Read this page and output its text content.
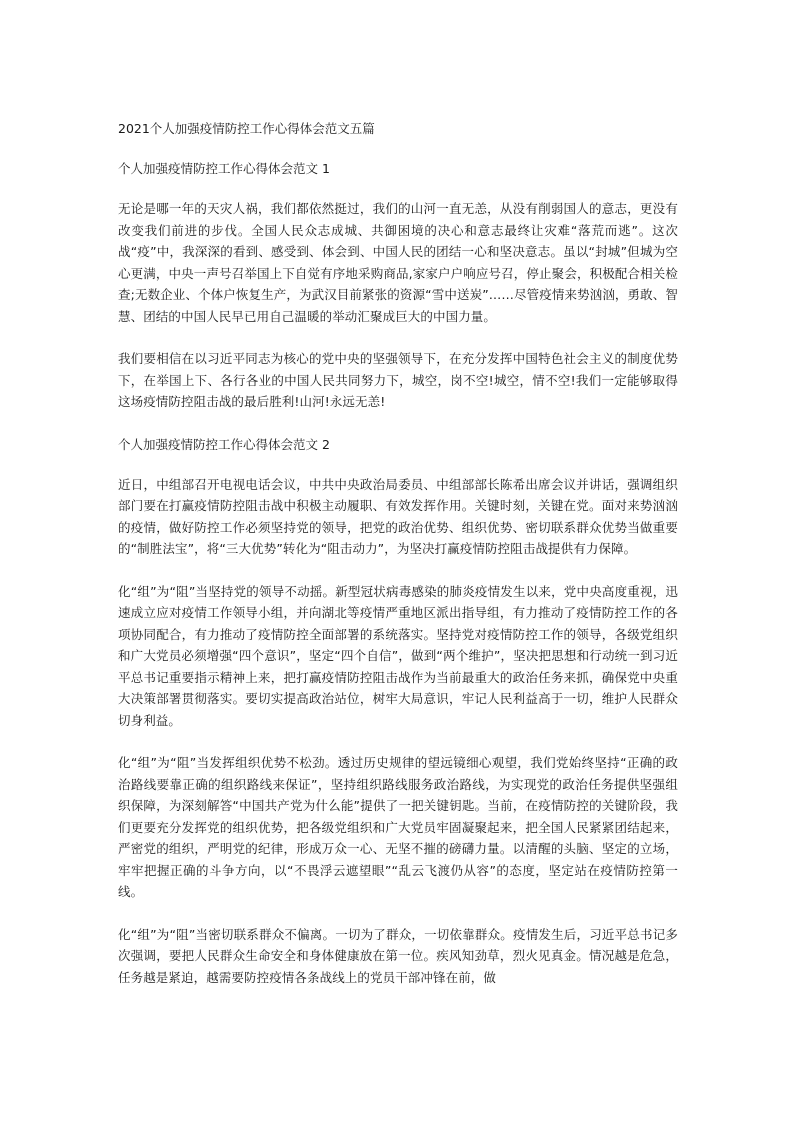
2021个人加强疫情防控工作心得体会范文五篇
个人加强疫情防控工作心得体会范文 1

无论是哪一年的天灾人祸，我们都依然挺过，我们的山河一直无恙，从没有削弱国人的意志，更没有改变我们前进的步伐。全国人民众志成城、共御困境的决心和意志最终让灾难“落荒而逃”。这次战“疫”中，我深深的看到、感受到、体会到、中国人民的团结一心和坚决意志。虽以“封城”但城为空心更满，中央一声号召举国上下自觉有序地采购商品,家家户户响应号召，停止聚会，积极配合相关检查;无数企业、个体户恢复生产，为武汉目前紧张的资源“雪中送炭”……尽管疫情来势汹汹，勇敢、智慧、团结的中国人民早已用自己温暖的举动汇聚成巨大的中国力量。

我们要相信在以习近平同志为核心的党中央的坚强领导下，在充分发挥中国特色社会主义的制度优势下，在举国上下、各行各业的中国人民共同努力下，城空，岗不空!城空，情不空!我们一定能够取得这场疫情防控阻击战的最后胜利!山河!永远无恙!

个人加强疫情防控工作心得体会范文 2

近日，中组部召开电视电话会议，中共中央政治局委员、中组部部长陈希出席会议并讲话，强调组织部门要在打赢疫情防控阻击战中积极主动履职、有效发挥作用。关键时刻，关键在党。面对来势汹汹的疫情，做好防控工作必须坚持党的领导，把党的政治优势、组织优势、密切联系群众优势当做重要的“制胜法宝”，将“三大优势”转化为“阻击动力”，为坚决打赢疫情防控阻击战提供有力保障。

化“组”为“阻”当坚持党的领导不动摇。新型冠状病毒感染的肺炎疫情发生以来，党中央高度重视，迅速成立应对疫情工作领导小组，并向湖北等疫情严重地区派出指导组，有力推动了疫情防控工作的各项协同配合，有力推动了疫情防控全面部署的系统落实。坚持党对疫情防控工作的领导，各级党组织和广大党员必须增强“四个意识”，坚定“四个自信”，做到“两个维护”，坚决把思想和行动统一到习近平总书记重要指示精神上来，把打赢疫情防控阻击战作为当前最重大的政治任务来抓，确保党中央重大决策部署贯彻落实。要切实提高政治站位，树牢大局意识，牢记人民利益高于一切，维护人民群众切身利益。

化“组”为“阻”当发挥组织优势不松劲。透过历史规律的望远镜细心观望，我们党始终坚持“正确的政治路线要靠正确的组织路线来保证”，坚持组织路线服务政治路线，为实现党的政治任务提供坚强组织保障，为深刻解答“中国共产党为什么能”提供了一把关键钥匙。当前，在疫情防控的关键阶段，我们更要充分发挥党的组织优势，把各级党组织和广大党员牢固凝聚起来，把全国人民紧紧团结起来，严密党的组织，严明党的纪律，形成万众一心、无坚不摧的磅礴力量。以清醒的头脑、坚定的立场，牢牢把握正确的斗争方向，以“不畏浮云遮望眼”“乱云飞渡仍从容”的态度，坚定站在疫情防控第一线。

化“组”为“阻”当密切联系群众不偏离。一切为了群众，一切依靠群众。疫情发生后，习近平总书记多次强调，要把人民群众生命安全和身体健康放在第一位。疾风知劲草，烈火见真金。情况越是危急，任务越是紧迫，越需要防控疫情各条战线上的党员干部冲锋在前，做
